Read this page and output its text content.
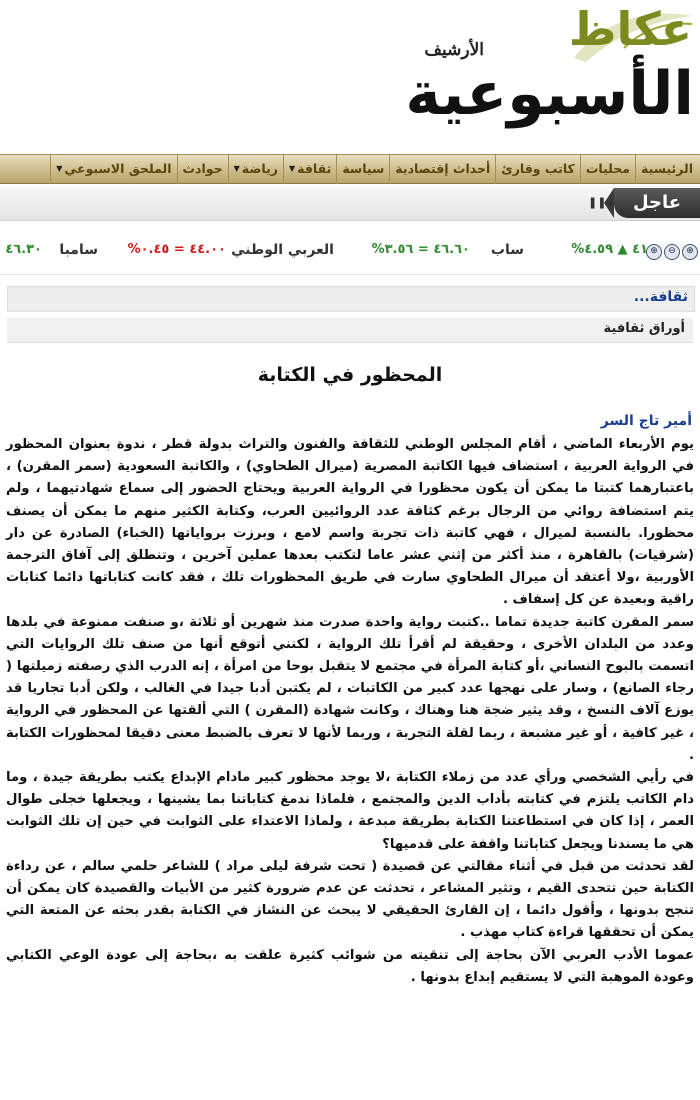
عكاظ
الأرشيف
الأسبوعية
الرئيسية
محليات
كاتب وقارئ
أحداث إقتصادية
سياسة
ثقافة
▼
رياضة
▼
حوادث
الملحق الاسبوعي
▼
عاجل
◂❚❚
⊕
⊖
⊕
٤١ ▲ ٤.٥٩%
ساب
٤٦.٦٠ = ٣.٥٦%
العربي الوطني
٤٤.٠٠ = ٠.٤٥%
سامبا
٤٦.٣٠
ثقافة...
أوراق ثقافية
المحظور في الكتابة
أمير تاج السر

يوم الأربعاء الماضي ، أقام المجلس الوطني للثقافة والفنون والتراث بدولة قطر ، ندوة بعنوان المحظور في الرواية العربية ، استضاف فيها الكاتبة المصرية (ميرال الطحاوي) ، والكاتبة السعودية (سمر المقرن) ، باعتبارهما كتبتا ما يمكن أن يكون محظورا في الرواية العربية ويحتاج الحضور إلى سماع شهادتيهما ، ولم يتم استضافة روائي من الرجال برغم كثافة عدد الروائيين العرب، وكتابة الكثير منهم ما يمكن أن يصنف محظورا. بالنسبة لميرال ، فهي كاتبة ذات تجربة واسم لامع ، وبرزت برواياتها (الخباء) الصادرة عن دار (شرقيات) بالقاهرة ، منذ أكثر من إثني عشر عاما لتكتب بعدها عملين آخرين ، وتنطلق إلى آفاق الترجمة الأوربية ،ولا أعتقد أن ميرال الطحاوي سارت في طريق المحظورات تلك ، فقد كانت كتاباتها دائما كتابات راقية وبعيدة عن كل إسفاف .

سمر المقرن كاتبة جديدة تماما ..كتبت رواية واحدة صدرت منذ شهرين أو ثلاثة ،و صنفت ممنوعة في بلدها وعدد من البلدان الأخرى ، وحقيقة لم أقرأ تلك الرواية ، لكنني أتوقع أنها من صنف تلك الروايات التي اتسمت بالبوح النساني ،أو كتابة المرأة في مجتمع لا يتقبل بوحا من امرأة ، إنه الدرب الذي رصفته زميلتها ( رجاء الصانع) ، وسار على نهجها عدد كبير من الكاتبات ، لم يكتبن أدبا جيدا في الغالب ، ولكن أدبا تجاريا قد يوزع آلاف النسخ ، وقد يثير ضجة هنا وهناك ، وكانت شهادة (المقرن ) التي ألقتها عن المحظور في الرواية ، غير كافية ، أو غير مشبعة ، ربما لقلة التجربة ، وربما لأنها لا تعرف بالضبط معنى دقيقا لمحظورات الكتابة .

في رأيي الشخصي ورأي عدد من زملاء الكتابة ،لا يوجد محظور كبير مادام الإبداع يكتب بطريقة جيدة ، وما دام الكاتب يلتزم في كتابته بأداب الدين والمجتمع ، فلماذا ندمغ كتاباتنا بما يشينها ، ويجعلها خجلى طوال العمر ، إذا كان في استطاعتنا الكتابة بطريقة مبدعة ، ولماذا الاعتداء على الثوابت في حين إن تلك الثوابت هي ما يسندنا ويجعل كتاباتنا واقفة على قدميها؟

لقد تحدثت من قبل في أثناء مقالتي عن قصيدة ( تحت شرفة ليلى مراد ) للشاعر حلمي سالم ، عن رداءة الكتابة حين تتحدى القيم ، وتثير المشاعر ، تحدثت عن عدم ضرورة كثير من الأبيات والقصيدة كان يمكن أن تنجح بدونها ، وأقول دائما ، إن القارئ الحقيقي لا يبحث عن النشاز في الكتابة بقدر بحثه عن المتعة التي يمكن أن تحققها قراءة كتاب مهذب .

عموما الأدب العربي الآن بحاجة إلى تنقيته من شوائب كثيرة علقت به ،بحاجة إلى عودة الوعي الكتابي وعودة الموهبة التي لا يستقيم إبداع بدونها .
